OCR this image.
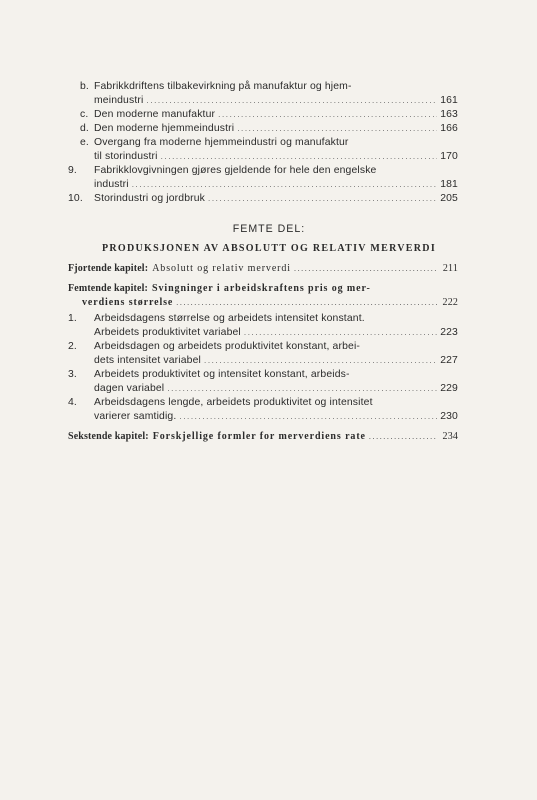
b. Fabrikkdriftens tilbakevirkning på manufaktur og hjem-
meindustri .....	161
c. Den moderne manufaktur .....	163
d. Den moderne hjemmeindustri .....	166
e. Overgang fra moderne hjemmeindustri og manufaktur
til storindustri .....	170
9.	Fabrikklovgivningen gjøres gjeldende for hele den engelske
industri .....	181
10.	Storindustri og jordbruk .....	205
FEMTE DEL:
PRODUKSJONEN AV ABSOLUTT OG RELATIV MERVERDI
Fjortende kapitel: Absolutt og relativ merverdi .....	211
Femtende kapitel: Svingninger i arbeidskraftens pris og mer-
verdiens størrelse .....	222
1.	Arbeidsdagens størrelse og arbeidets intensitet konstant.
Arbeidets produktivitet variabel .....	223
2.	Arbeidsdagen og arbeidets produktivitet konstant, arbei-
dets intensitet variabel .....	227
3.	Arbeidets produktivitet og intensitet konstant, arbeids-
dagen variabel .....	229
4.	Arbeidsdagens lengde, arbeidets produktivitet og intensitet
varierer samtidig. .....	230
Sekstende kapitel: Forskjellige formler for merverdiens rate .....	234
